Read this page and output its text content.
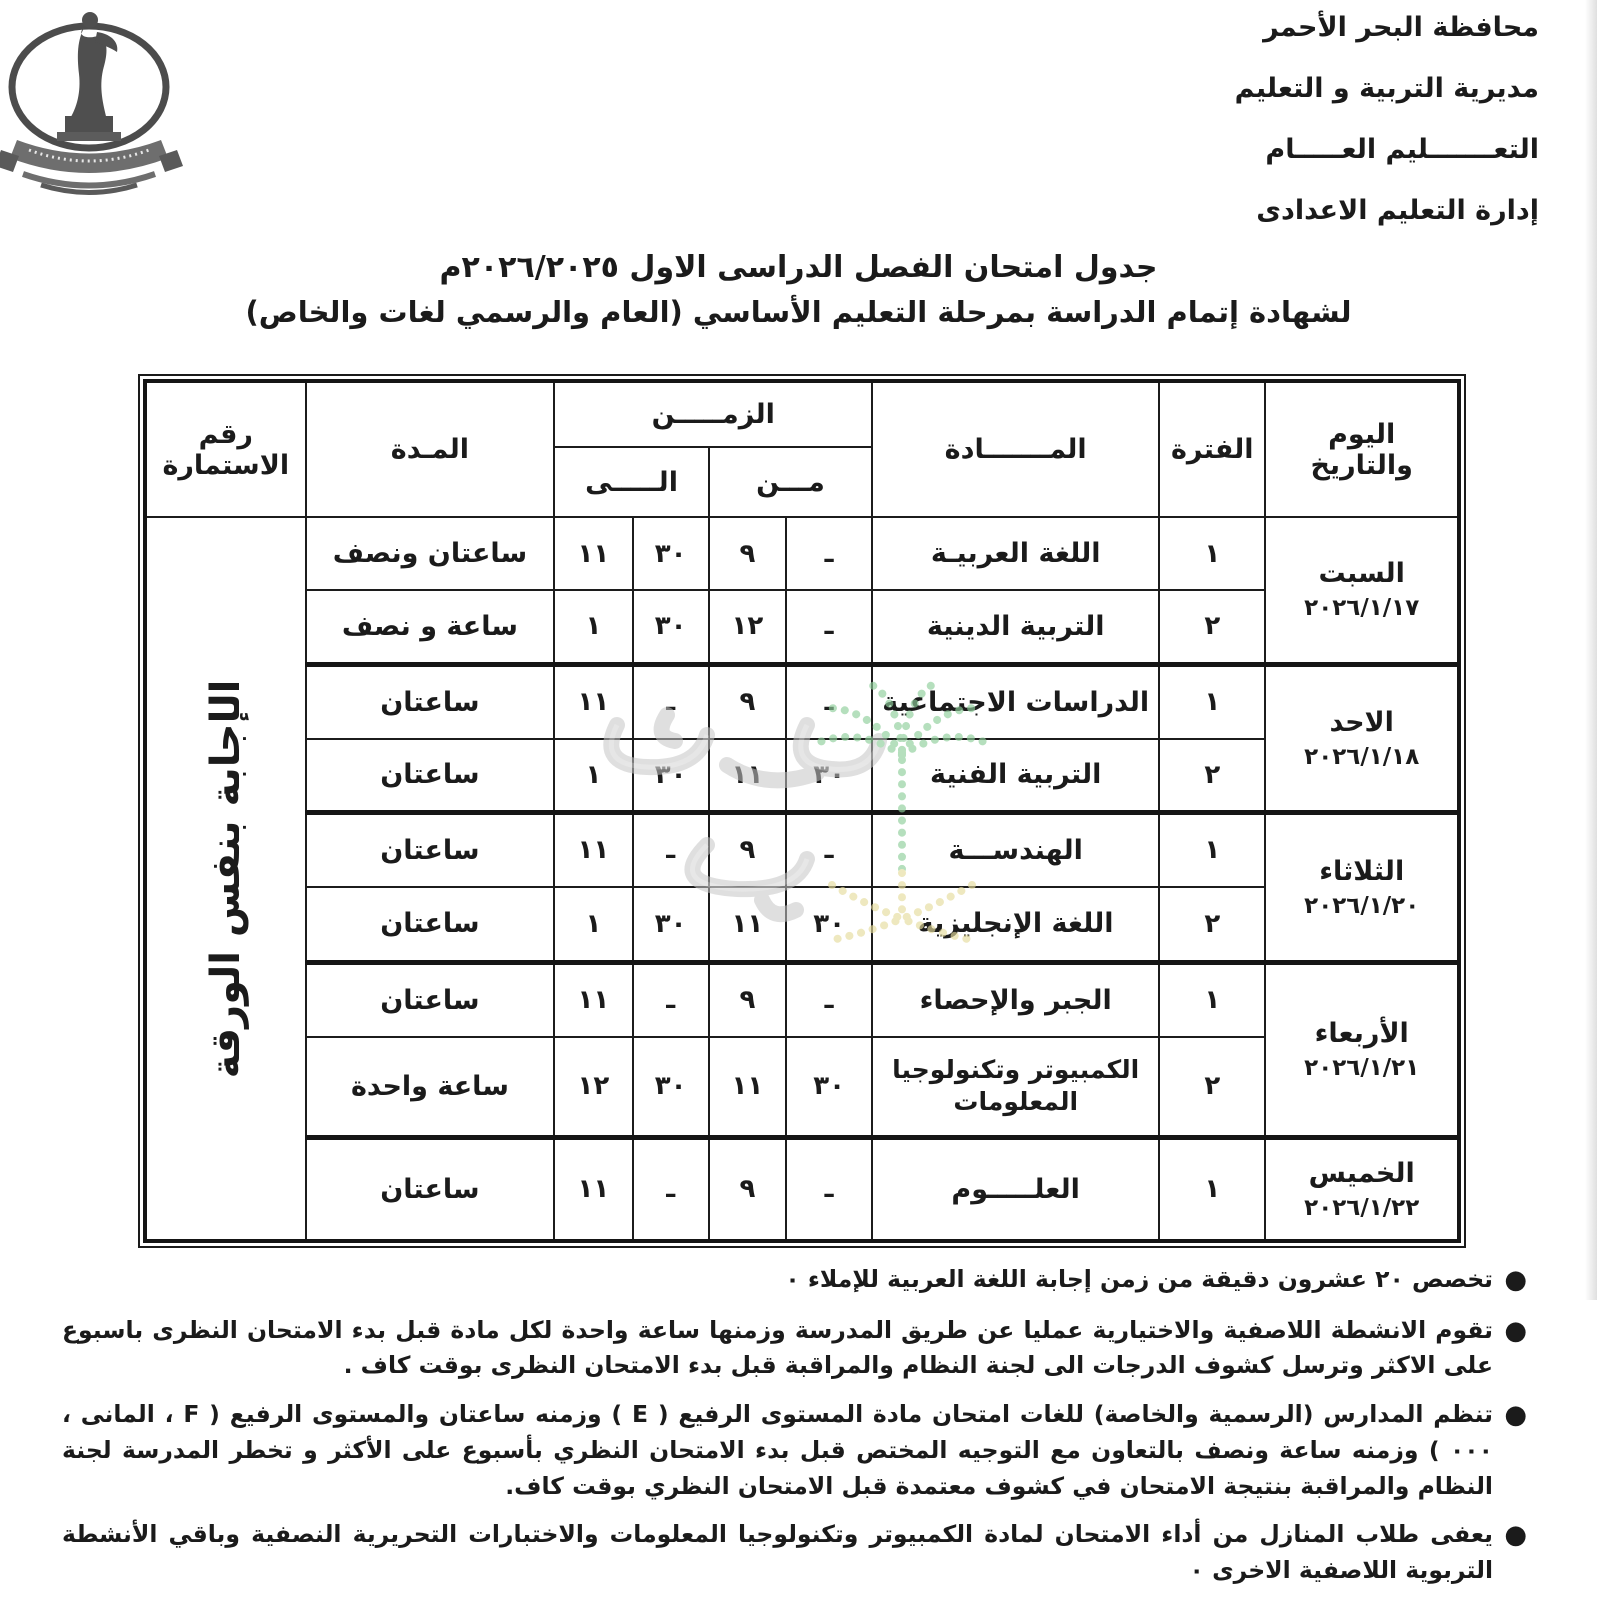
محافظة البحر الأحمر
مديرية التربية و التعليم
التعـــــــليم العـــــام
إدارة التعليم الاعدادى
جدول امتحان الفصل الدراسى الاول ٢٠٢٦/٢٠٢٥م
لشهادة إتمام الدراسة بمرحلة التعليم الأساسي (العام والرسمي لغات والخاص)
اليوم
والتاريخ
	الفترة	المـــــــادة	الزمـــــن	المـدة	
رقم
الاستمارة

			مـــن		الـــــى			

السبت
٢٠٢٦/١/١٧	١	اللغة العربيـة	ـ	٩	٣٠	١١	ساعتان ونصف	الإجابة بنفس الورقة

	٢	التربية الدينية	ـ	١٢	٣٠	١	ساعة و نصف	

الاحد
٢٠٢٦/١/١٨	١	الدراسات الاجتماعية	ـ	٩	ـ	١١	ساعتان	
	٢	التربية الفنية	٣٠	١١	٣٠	١	ساعتان	

الثلاثاء
٢٠٢٦/١/٢٠	١	الهندســـة	ـ	٩	ـ	١١	ساعتان	
	٢	اللغة الإنجليزية	٣٠	١١	٣٠	١	ساعتان	

الأربعاء
٢٠٢٦/١/٢١	١	الجبر والإحصاء	ـ	٩	ـ	١١	ساعتان	
	٢	الكمبيوتر وتكنولوجيا المعلومات	٣٠	١١	٣٠	١٢	ساعة واحدة	

الخميس
٢٠٢٦/١/٢٢	١	العلـــــوم	ـ	٩	ـ	١١	ساعتان	
●
تخصص ٢٠ عشرون دقيقة من زمن إجابة اللغة العربية للإملاء ٠
●
تقوم الانشطة اللاصفية والاختيارية عمليا عن طريق المدرسة وزمنها ساعة واحدة لكل مادة قبل بدء الامتحان النظرى باسبوع على الاكثر وترسل كشوف الدرجات الى لجنة النظام والمراقبة قبل بدء الامتحان النظرى بوقت كاف .
●
تنظم المدارس (الرسمية والخاصة) للغات امتحان مادة المستوى الرفيع ( E ) وزمنه ساعتان والمستوى الرفيع ( F ، المانى ، ٠٠٠ ) وزمنه ساعة ونصف بالتعاون مع التوجيه المختص قبل بدء الامتحان النظري بأسبوع على الأكثر و تخطر المدرسة لجنة النظام والمراقبة بنتيجة الامتحان في كشوف معتمدة قبل الامتحان النظري بوقت كاف.
●
يعفى طلاب المنازل من أداء الامتحان لمادة الكمبيوتر وتكنولوجيا المعلومات والاختبارات التحريرية النصفية وباقي الأنشطة التربوية اللاصفية الاخرى ٠
